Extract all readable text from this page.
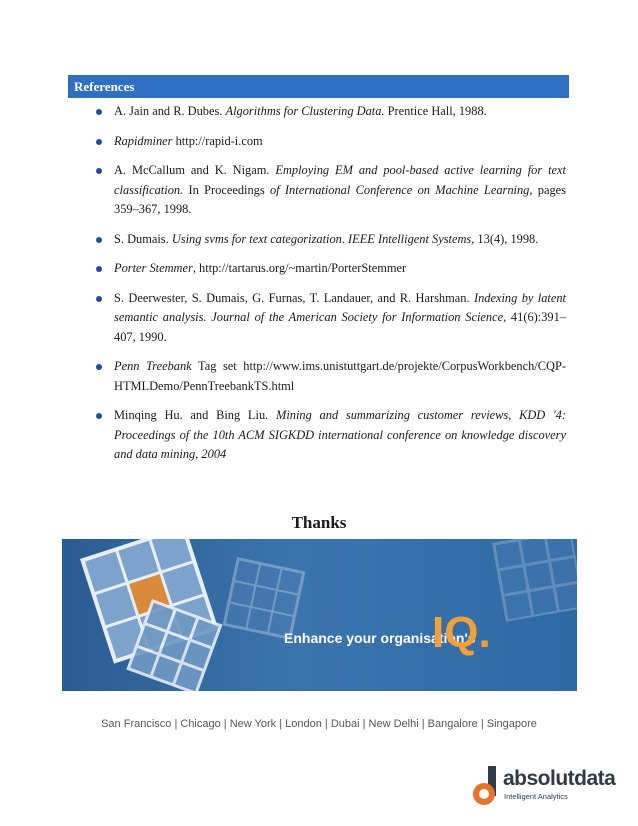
References
A. Jain and R. Dubes. Algorithms for Clustering Data. Prentice Hall, 1988.
Rapidminer http://rapid-i.com
A. McCallum and K. Nigam. Employing EM and pool-based active learning for text classification. In Proceedings of International Conference on Machine Learning, pages 359–367, 1998.
S. Dumais. Using svms for text categorization. IEEE Intelligent Systems, 13(4), 1998.
Porter Stemmer, http://tartarus.org/~martin/PorterStemmer
S. Deerwester, S. Dumais, G. Furnas, T. Landauer, and R. Harshman. Indexing by latent semantic analysis. Journal of the American Society for Information Science, 41(6):391–407, 1990.
Penn Treebank Tag set http://www.ims.unistuttgart.de/projekte/CorpusWorkbench/CQP-HTMLDemo/PennTreebankTS.html
Minqing Hu. and Bing Liu. Mining and summarizing customer reviews, KDD '4: Proceedings of the 10th ACM SIGKDD international conference on knowledge discovery and data mining, 2004
Thanks
Enhance your organisation's
IQ.
San Francisco | Chicago | New York | London | Dubai | New Delhi | Bangalore | Singapore
absolutdata
Intelligent Analytics
